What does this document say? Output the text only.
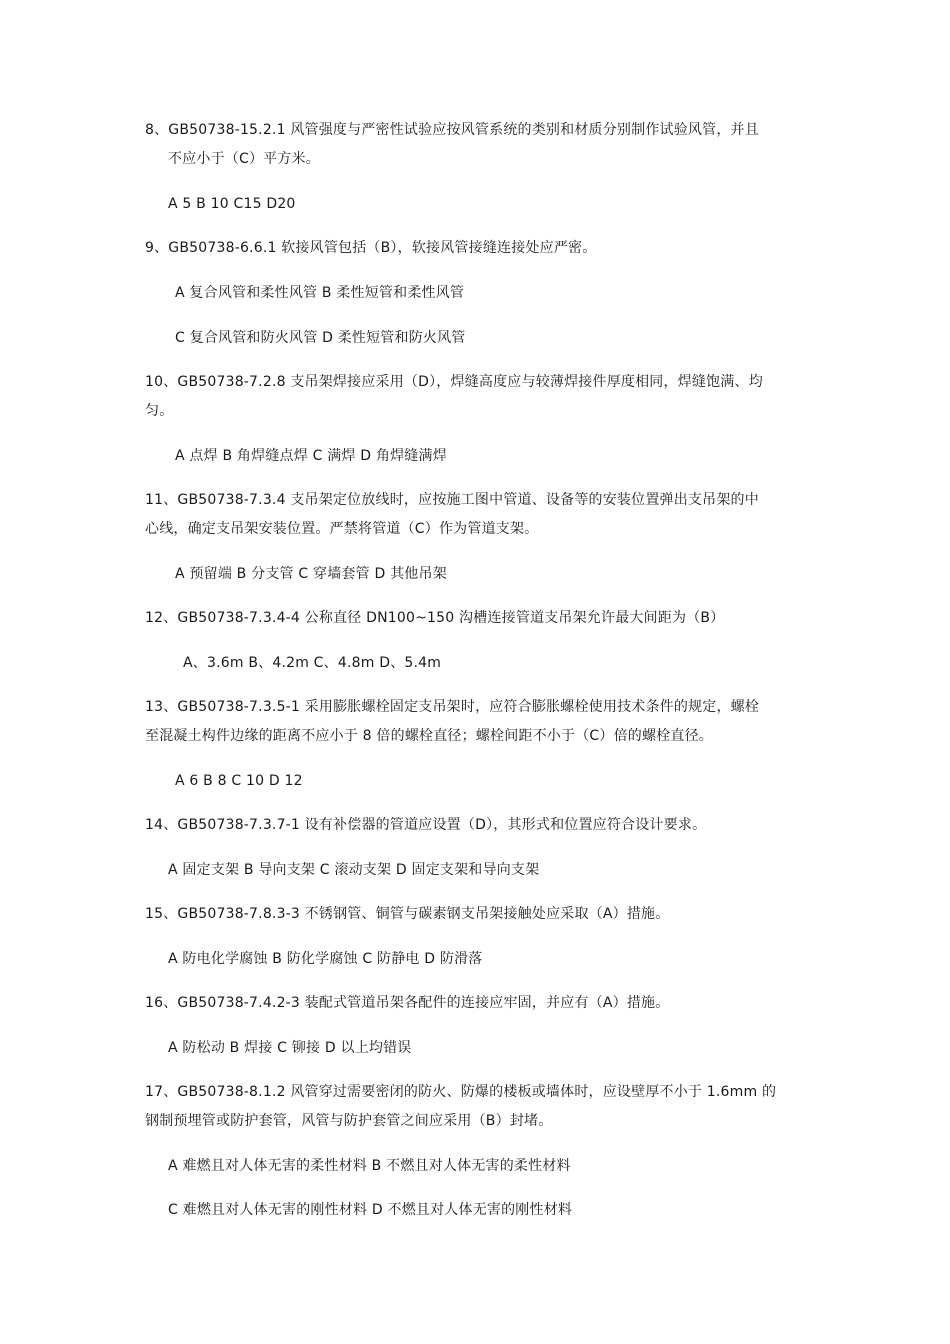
8、GB50738-15.2.1 风管强度与严密性试验应按风管系统的类别和材质分别制作试验风管，并且
不应小于（C）平方米。
A 5 B 10 C15 D20
9、GB50738-6.6.1 软接风管包括（B），软接风管接缝连接处应严密。
A 复合风管和柔性风管 B 柔性短管和柔性风管
C 复合风管和防火风管 D 柔性短管和防火风管
10、GB50738-7.2.8 支吊架焊接应采用（D），焊缝高度应与较薄焊接件厚度相同，焊缝饱满、均
匀。
A 点焊 B 角焊缝点焊 C 满焊 D 角焊缝满焊
11、GB50738-7.3.4 支吊架定位放线时，应按施工图中管道、设备等的安装位置弹出支吊架的中
心线，确定支吊架安装位置。严禁将管道（C）作为管道支架。
A 预留端 B 分支管 C 穿墙套管 D 其他吊架
12、GB50738-7.3.4-4 公称直径 DN100~150 沟槽连接管道支吊架允许最大间距为（B）
A、3.6m B、4.2m C、4.8m D、5.4m
13、GB50738-7.3.5-1 采用膨胀螺栓固定支吊架时，应符合膨胀螺栓使用技术条件的规定，螺栓
至混凝土构件边缘的距离不应小于 8 倍的螺栓直径；螺栓间距不小于（C）倍的螺栓直径。
A 6 B 8 C 10 D 12
14、GB50738-7.3.7-1 设有补偿器的管道应设置（D），其形式和位置应符合设计要求。
A 固定支架 B 导向支架 C 滚动支架 D 固定支架和导向支架
15、GB50738-7.8.3-3 不锈钢管、铜管与碳素钢支吊架接触处应采取（A）措施。
A 防电化学腐蚀 B 防化学腐蚀 C 防静电 D 防滑落
16、GB50738-7.4.2-3 装配式管道吊架各配件的连接应牢固，并应有（A）措施。
A 防松动 B 焊接 C 铆接 D 以上均错误
17、GB50738-8.1.2 风管穿过需要密闭的防火、防爆的楼板或墙体时，应设壁厚不小于 1.6mm 的
钢制预埋管或防护套管，风管与防护套管之间应采用（B）封堵。
A 难燃且对人体无害的柔性材料 B 不燃且对人体无害的柔性材料
C 难燃且对人体无害的刚性材料 D 不燃且对人体无害的刚性材料
